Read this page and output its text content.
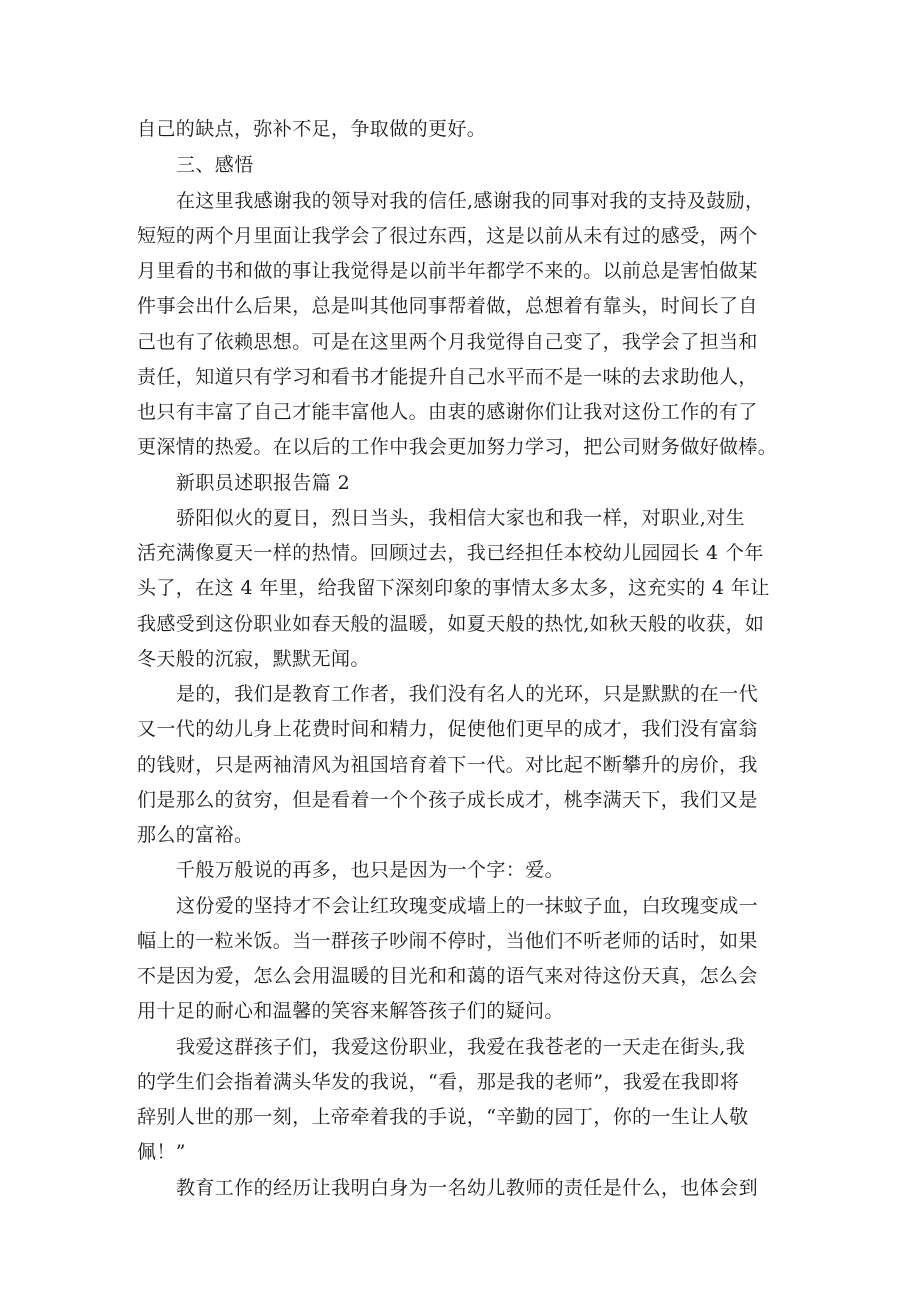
自己的缺点，弥补不足，争取做的更好。
三、感悟
在这里我感谢我的领导对我的信任,感谢我的同事对我的支持及鼓励，
短短的两个月里面让我学会了很过东西，这是以前从未有过的感受，两个
月里看的书和做的事让我觉得是以前半年都学不来的。以前总是害怕做某
件事会出什么后果，总是叫其他同事帮着做，总想着有靠头，时间长了自
己也有了依赖思想。可是在这里两个月我觉得自己变了，我学会了担当和
责任，知道只有学习和看书才能提升自己水平而不是一味的去求助他人，
也只有丰富了自己才能丰富他人。由衷的感谢你们让我对这份工作的有了
更深情的热爱。在以后的工作中我会更加努力学习，把公司财务做好做棒。
新职员述职报告篇 2
骄阳似火的夏日，烈日当头，我相信大家也和我一样，对职业,对生
活充满像夏天一样的热情。回顾过去，我已经担任本校幼儿园园长 4 个年
头了，在这 4 年里，给我留下深刻印象的事情太多太多，这充实的 4 年让
我感受到这份职业如春天般的温暖，如夏天般的热忱,如秋天般的收获，如
冬天般的沉寂，默默无闻。
是的，我们是教育工作者，我们没有名人的光环，只是默默的在一代
又一代的幼儿身上花费时间和精力，促使他们更早的成才，我们没有富翁
的钱财，只是两袖清风为祖国培育着下一代。对比起不断攀升的房价，我
们是那么的贫穷，但是看着一个个孩子成长成才，桃李满天下，我们又是
那么的富裕。
千般万般说的再多，也只是因为一个字：爱。
这份爱的坚持才不会让红玫瑰变成墙上的一抹蚊子血，白玫瑰变成一
幅上的一粒米饭。当一群孩子吵闹不停时，当他们不听老师的话时，如果
不是因为爱，怎么会用温暖的目光和和蔼的语气来对待这份天真，怎么会
用十足的耐心和温馨的笑容来解答孩子们的疑问。
我爱这群孩子们，我爱这份职业，我爱在我苍老的一天走在街头,我
的学生们会指着满头华发的我说，“看，那是我的老师”，我爱在我即将
辞别人世的那一刻，上帝牵着我的手说，“辛勤的园丁，你的一生让人敬
佩！”
教育工作的经历让我明白身为一名幼儿教师的责任是什么，也体会到
